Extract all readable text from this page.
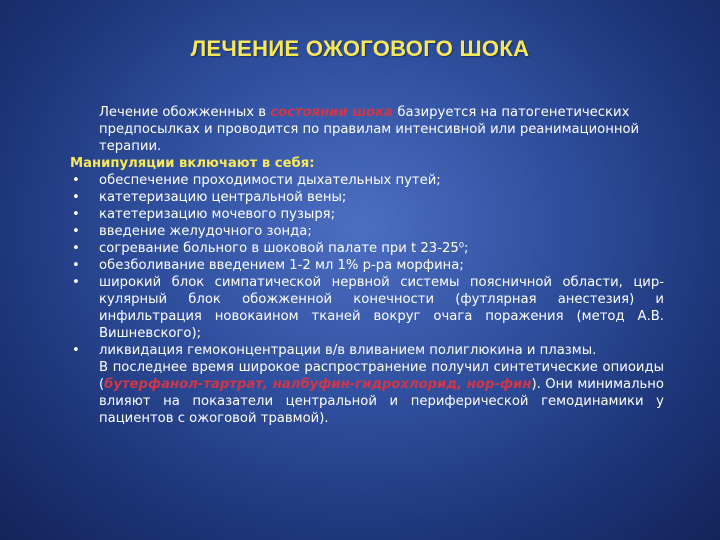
ЛЕЧЕНИЕ ОЖОГОВОГО ШОКА

Лечение обожженных в состоянии шока базируется на патогенетических предпосылках и проводится по правилам интенсивной или реанимационной терапии.

Манипуляции включают в себя:

• обеспечение проходимости дыхательных путей;
• катетеризацию центральной вены;
• катетеризацию мочевого пузыря;
• введение желудочного зонда;
• согревание больного в шоковой палате при t 23-25⁰;
• обезболивание введением 1-2 мл 1% р-ра морфина;
• широкий блок симпатической нервной системы поясничной области, цир-кулярный блок обожженной конечности (футлярная анестезия) и инфильтрация новокаином тканей вокруг очага поражения (метод А.В. Вишневского);
• ликвидация гемоконцентрации в/в вливанием полиглюкина и плазмы.

В последнее время широкое распространение получил синтетические опиоиды (бутерфанол-тартрат, налбуфин-гидрохлорид, нор-фин). Они минимально влияют на показатели центральной и периферической гемодинамики у пациентов с ожоговой травмой).
